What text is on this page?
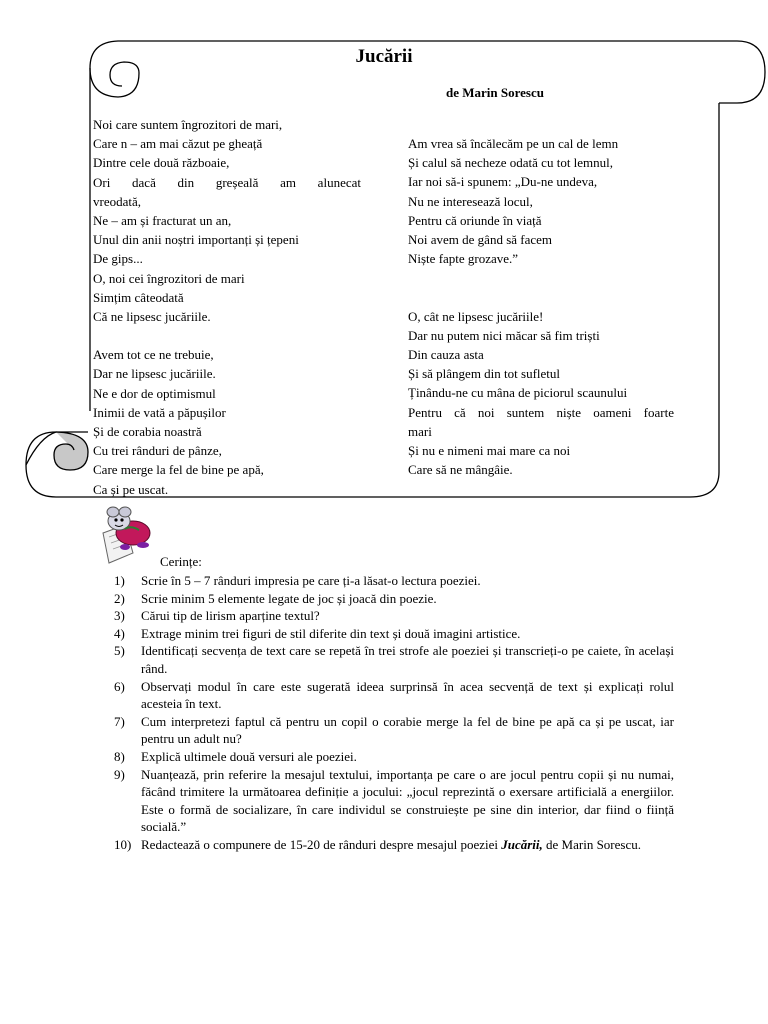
Jucării
de Marin Sorescu
Noi care suntem îngrozitori de mari,
Care n – am mai căzut pe gheață
Dintre cele două războaie,
Ori dacă din greșeală am alunecat
vreodată,
Ne – am și fracturat un an,
Unul din anii noștri importanți și țepeni
De gips...
O, noi cei îngrozitori de mari
Simțim câteodată
Că ne lipsesc jucăriile.
Avem tot ce ne trebuie,
Dar ne lipsesc jucăriile.
Ne e dor de optimismul
Inimii de vată a păpușilor
Și de corabia noastră
Cu trei rânduri de pânze,
Care merge la fel de bine pe apă,
Ca și pe uscat.
Am vrea să încălecăm pe un cal de lemn
Și calul să necheze odată cu tot lemnul,
Iar noi să-i spunem: „Du-ne undeva,
Nu ne interesează locul,
Pentru că oriunde în viață
Noi avem de gând să facem
Niște fapte grozave.”
O, cât ne lipsesc jucăriile!
Dar nu putem nici măcar să fim triști
Din cauza asta
Și să plângem din tot sufletul
Ținându-ne cu mâna de piciorul scaunului
Pentru că noi suntem niște oameni foarte
mari
Și nu e nimeni mai mare ca noi
Care să ne mângâie.
Cerințe:
1) Scrie în 5 – 7 rânduri impresia pe care ți-a lăsat-o lectura poeziei.
2) Scrie minim 5 elemente legate de joc și joacă din poezie.
3) Cărui tip de lirism aparține textul?
4) Extrage minim trei figuri de stil diferite din text și două imagini artistice.
5) Identificați secvența de text care se repetă în trei strofe ale poeziei și transcrieți-o pe caiete, în același rând.
6) Observați modul în care este sugerată ideea surprinsă în acea secvență de text și explicați rolul acesteia în text.
7) Cum interpretezi faptul că pentru un copil o corabie merge la fel de bine pe apă ca și pe uscat, iar pentru un adult nu?
8) Explică ultimele două versuri ale poeziei.
9) Nuanțează, prin referire la mesajul textului, importanța pe care o are jocul pentru copii și nu numai, făcând trimitere la următoarea definiție a jocului: „jocul reprezintă o exersare artificială a energiilor. Este o formă de socializare, în care individul se construiește pe sine din interior, dar fiind o ființă socială.”
10) Redactează o compunere de 15-20 de rânduri despre mesajul poeziei Jucării, de Marin Sorescu.
